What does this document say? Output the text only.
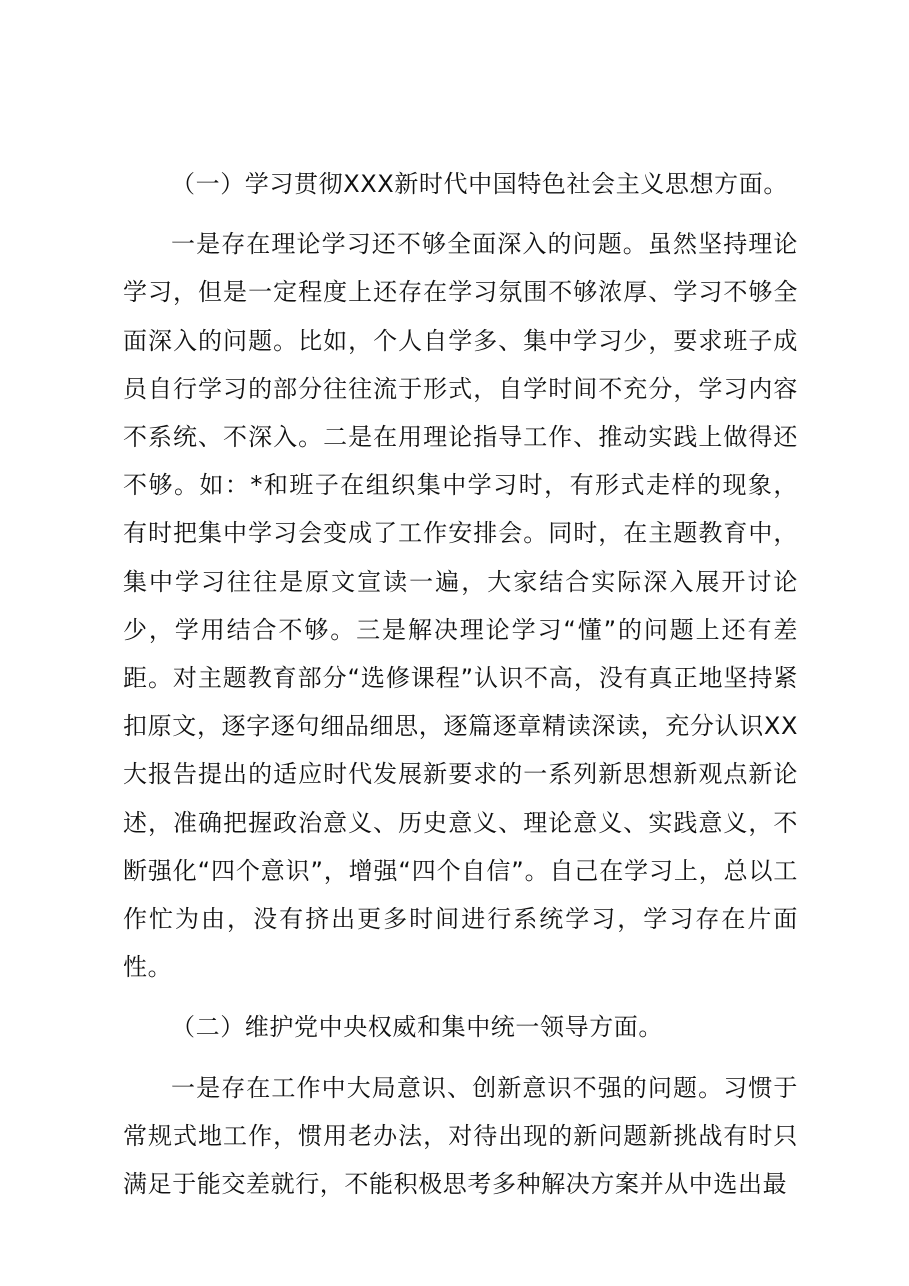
（一）学习贯彻XXX新时代中国特色社会主义思想方面。

一是存在理论学习还不够全面深入的问题。虽然坚持理论学习，但是一定程度上还存在学习氛围不够浓厚、学习不够全面深入的问题。比如，个人自学多、集中学习少，要求班子成员自行学习的部分往往流于形式，自学时间不充分，学习内容不系统、不深入。二是在用理论指导工作、推动实践上做得还不够。如：*和班子在组织集中学习时，有形式走样的现象，有时把集中学习会变成了工作安排会。同时，在主题教育中，集中学习往往是原文宣读一遍，大家结合实际深入展开讨论少，学用结合不够。三是解决理论学习“懂”的问题上还有差距。对主题教育部分“选修课程”认识不高，没有真正地坚持紧扣原文，逐字逐句细品细思，逐篇逐章精读深读，充分认识XX大报告提出的适应时代发展新要求的一系列新思想新观点新论述，准确把握政治意义、历史意义、理论意义、实践意义，不断强化“四个意识”，增强“四个自信”。自己在学习上，总以工作忙为由，没有挤出更多时间进行系统学习，学习存在片面性。

（二）维护党中央权威和集中统一领导方面。

一是存在工作中大局意识、创新意识不强的问题。习惯于常规式地工作，惯用老办法，对待出现的新问题新挑战有时只满足于能交差就行，不能积极思考多种解决方案并从中选出最
